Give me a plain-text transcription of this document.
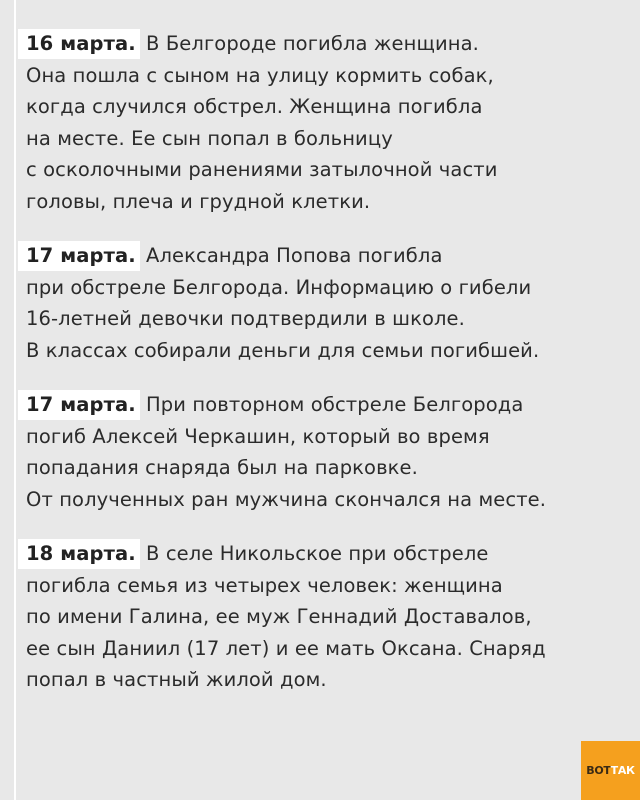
16 марта. В Белгороде погибла женщина.
Она пошла с сыном на улицу кормить собак,
когда случился обстрел. Женщина погибла
на месте. Ее сын попал в больницу
с осколочными ранениями затылочной части
головы, плеча и грудной клетки.
17 марта. Александра Попова погибла
при обстреле Белгорода. Информацию о гибели
16-летней девочки подтвердили в школе.
В классах собирали деньги для семьи погибшей.
17 марта. При повторном обстреле Белгорода
погиб Алексей Черкашин, который во время
попадания снаряда был на парковке.
От полученных ран мужчина скончался на месте.
18 марта. В селе Никольское при обстреле
погибла семья из четырех человек: женщина
по имени Галина, ее муж Геннадий Доставалов,
ее сын Даниил (17 лет) и ее мать Оксана. Снаряд
попал в частный жилой дом.
ВОТТАК
